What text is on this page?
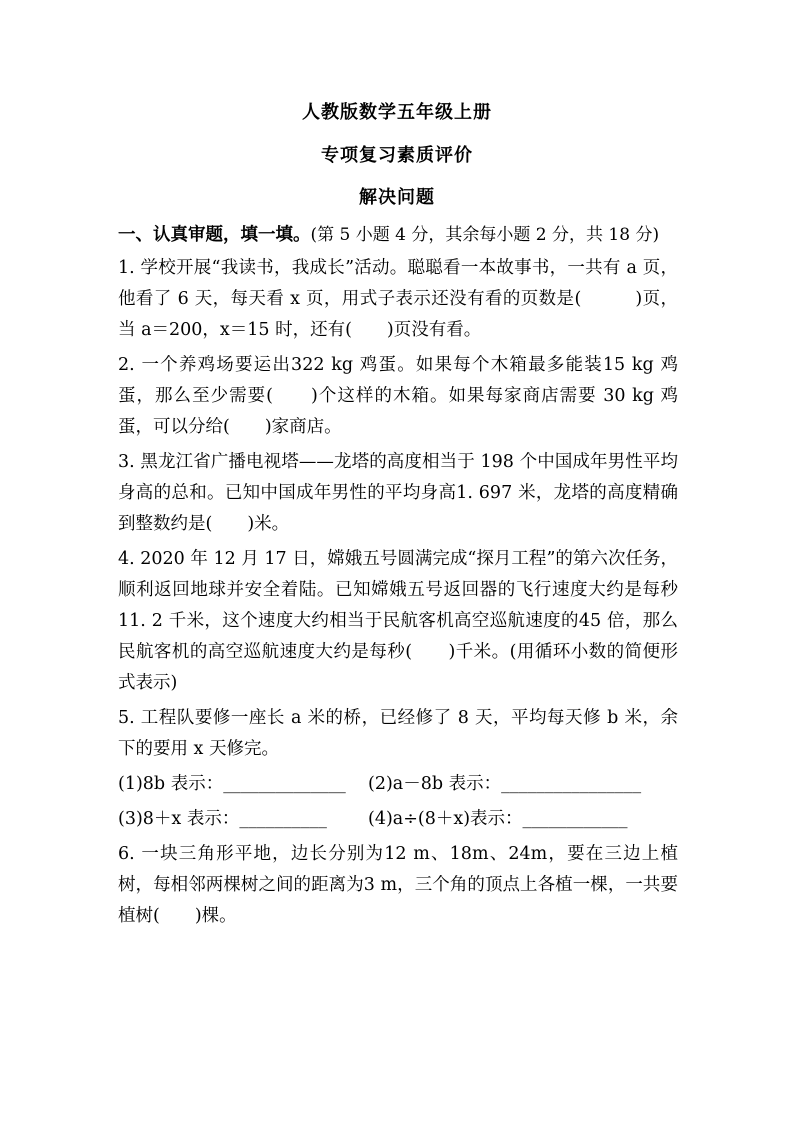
人教版数学五年级上册
专项复习素质评价
解决问题
一、认真审题，填一填。(第 5 小题 4 分，其余每小题 2 分，共 18 分)

1. 学校开展“我读书，我成长”活动。聪聪看一本故事书，一共有 a 页，他看了 6 天，每天看 x 页，用式子表示还没有看的页数是(　　　)页，当 a＝200，x＝15 时，还有(　　)页没有看。

2. 一个养鸡场要运出322 kg 鸡蛋。如果每个木箱最多能装15 kg 鸡蛋，那么至少需要(　　)个这样的木箱。如果每家商店需要 30 kg 鸡蛋，可以分给(　　)家商店。

3. 黑龙江省广播电视塔——龙塔的高度相当于 198 个中国成年男性平均身高的总和。已知中国成年男性的平均身高1. 697 米，龙塔的高度精确到整数约是(　　)米。

4. 2020 年 12 月 17 日，嫦娥五号圆满完成“探月工程”的第六次任务，顺利返回地球并安全着陆。已知嫦娥五号返回器的飞行速度大约是每秒 11. 2 千米，这个速度大约相当于民航客机高空巡航速度的45 倍，那么民航客机的高空巡航速度大约是每秒(　　)千米。(用循环小数的简便形式表示)

5. 工程队要修一座长 a 米的桥，已经修了 8 天，平均每天修 b 米，余下的要用 x 天修完。

(1)8b 表示：______________	(2)a－8b 表示：________________
(3)8＋x 表示：__________	(4)a÷(8＋x)表示：____________

6. 一块三角形平地，边长分别为12 m、18m、24m，要在三边上植树，每相邻两棵树之间的距离为3 m，三个角的顶点上各植一棵，一共要植树(　　)棵。
